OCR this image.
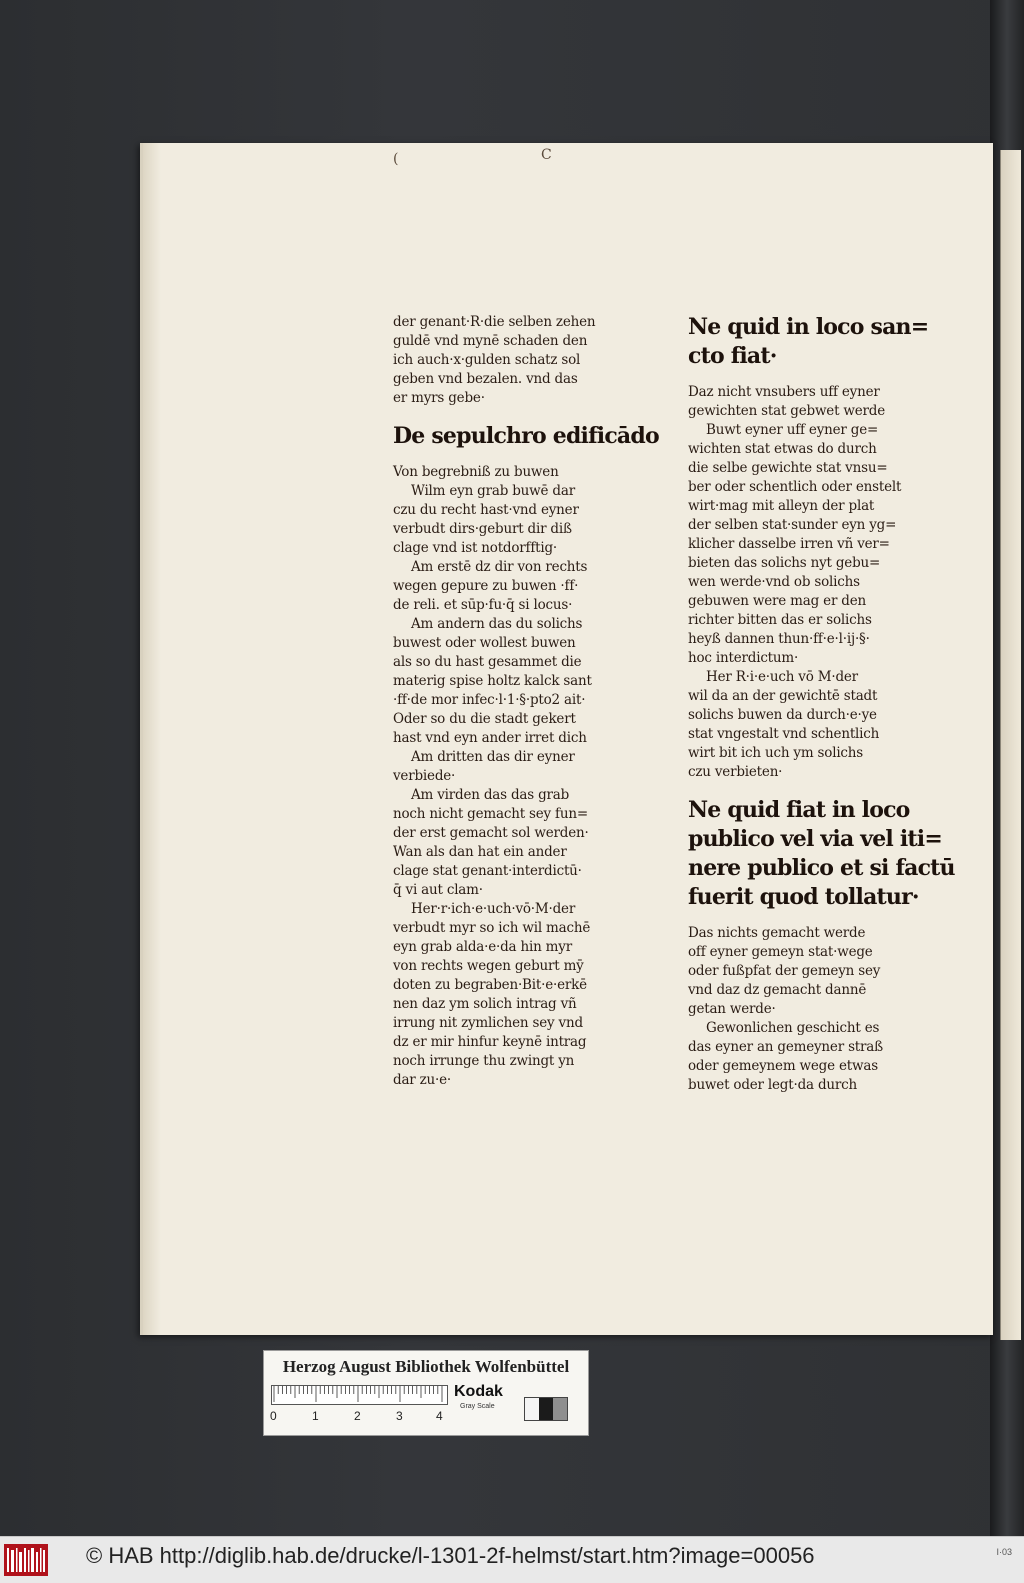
(	C
der genant·R·die selben zehen
guldē vnd mynē schaden den
ich auch·x·gulden schatz sol
geben vnd bezalen. vnd das
er myrs gebe·
De sepulchro edificādo
Von begrebniß zu buwen
Wilm eyn grab buwē dar
czu du recht hast·vnd eyner
verbudt dirs·geburt dir diß
clage vnd ist notdorfftig·
Am erstē dz dir von rechts
wegen gepure zu buwen ·ff·
de reli. et sūp·fu·q̄ si locus·
Am andern das du solichs
buwest oder wollest buwen
als so du hast gesammet die
materig spise holtz kalck sant
·ff·de mor infec·l·1·§·pto2 ait·
Oder so du die stadt gekert
hast vnd eyn ander irret dich
Am dritten das dir eyner
verbiede·
Am virden das das grab
noch nicht gemacht sey fun=
der erst gemacht sol werden·
Wan als dan hat ein ander
clage stat genant·interdictū·
q̄ vi aut clam·
Her·r·ich·e·uch·vō·M·der
verbudt myr so ich wil machē
eyn grab alda·e·da hin myr
von rechts wegen geburt mȳ
doten zu begraben·Bit·e·erkē
nen daz ym solich intrag vñ
irrung nit zymlichen sey vnd
dz er mir hinfur keynē intrag
noch irrunge thu zwingt yn
dar zu·e·
Ne quid in loco san=
cto fiat·
Daz nicht vnsubers uff eyner
gewichten stat gebwet werde
Buwt eyner uff eyner ge=
wichten stat etwas do durch
die selbe gewichte stat vnsu=
ber oder schentlich oder enstelt
wirt·mag mit alleyn der plat
der selben stat·sunder eyn yg=
klicher dasselbe irren vñ ver=
bieten das solichs nyt gebu=
wen werde·vnd ob solichs
gebuwen were mag er den
richter bitten das er solichs
heyß dannen thun·ff·e·l·ij·§·
hoc interdictum·
Her R·i·e·uch vō M·der
wil da an der gewichtē stadt
solichs buwen da durch·e·ye
stat vngestalt vnd schentlich
wirt bit ich uch ym solichs
czu verbieten·
Ne quid fiat in loco
publico vel via vel iti=
nere publico et si factū
fuerit quod tollatur·
Das nichts gemacht werde
off eyner gemeyn stat·wege
oder fußpfat der gemeyn sey
vnd daz dz gemacht dannē
getan werde·
Gewonlichen geschicht es
das eyner an gemeyner straß
oder gemeynem wege etwas
buwet oder legt·da durch
Herzog August Bibliothek Wolfenbüttel
0	1	2	3	4
Kodak
Gray Scale
© HAB http://diglib.hab.de/drucke/l-1301-2f-helmst/start.htm?image=00056	I·03
